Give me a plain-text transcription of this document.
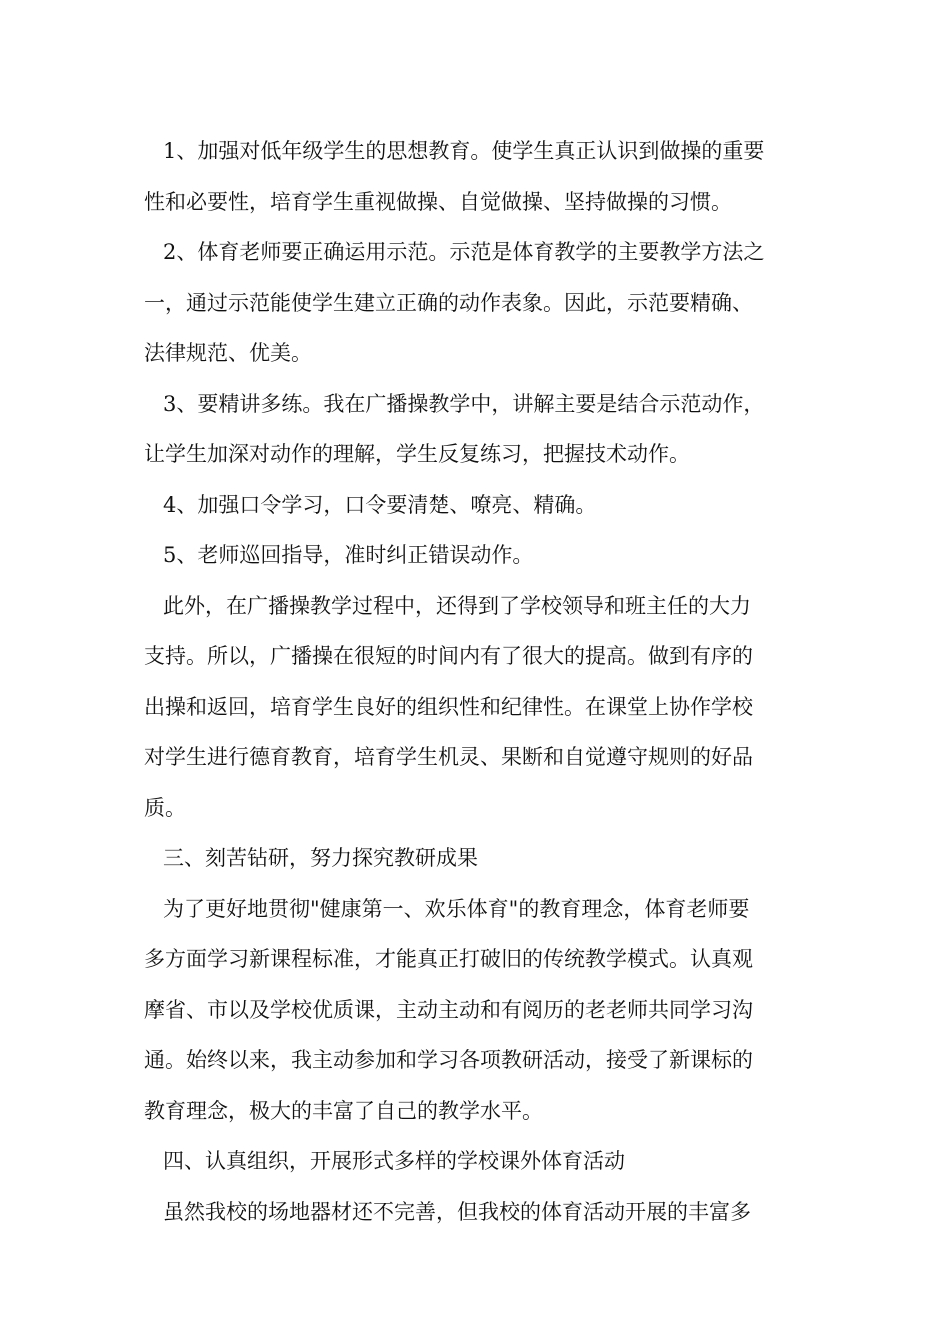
1、加强对低年级学生的思想教育。使学生真正认识到做操的重要
性和必要性，培育学生重视做操、自觉做操、坚持做操的习惯。
2、体育老师要正确运用示范。示范是体育教学的主要教学方法之
一，通过示范能使学生建立正确的动作表象。因此，示范要精确、
法律规范、优美。
3、要精讲多练。我在广播操教学中，讲解主要是结合示范动作，
让学生加深对动作的理解，学生反复练习，把握技术动作。
4、加强口令学习，口令要清楚、嘹亮、精确。
5、老师巡回指导，准时纠正错误动作。
此外，在广播操教学过程中，还得到了学校领导和班主任的大力
支持。所以，广播操在很短的时间内有了很大的提高。做到有序的
出操和返回，培育学生良好的组织性和纪律性。在课堂上协作学校
对学生进行德育教育，培育学生机灵、果断和自觉遵守规则的好品
质。
三、刻苦钻研，努力探究教研成果
为了更好地贯彻"健康第一、欢乐体育"的教育理念，体育老师要
多方面学习新课程标准，才能真正打破旧的传统教学模式。认真观
摩省、市以及学校优质课，主动主动和有阅历的老老师共同学习沟
通。始终以来，我主动参加和学习各项教研活动，接受了新课标的
教育理念，极大的丰富了自己的教学水平。
四、认真组织，开展形式多样的学校课外体育活动
虽然我校的场地器材还不完善，但我校的体育活动开展的丰富多
